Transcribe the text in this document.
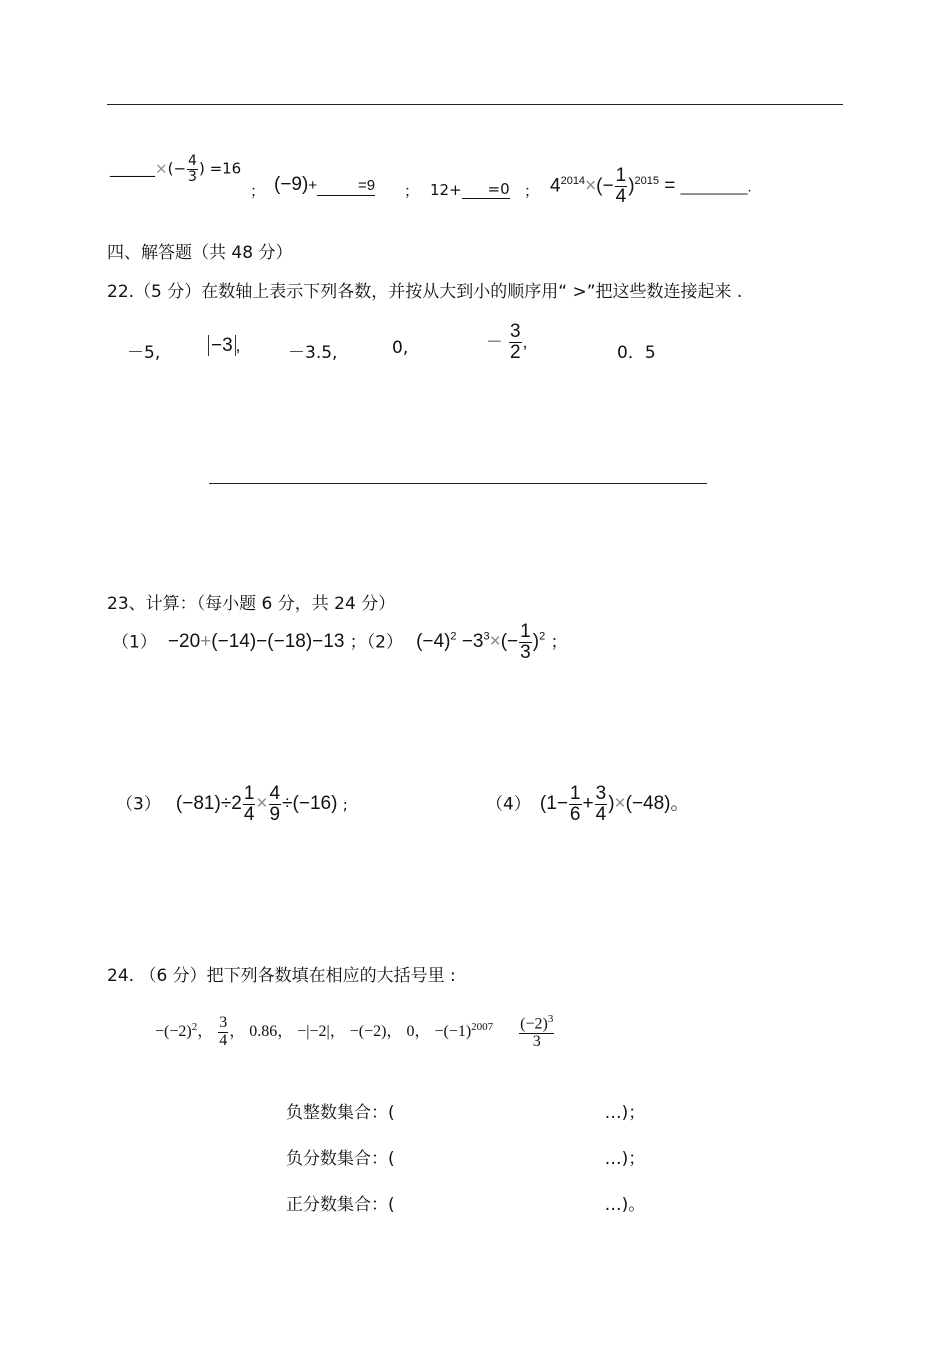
______×(− $\frac{4}{3}$ ) =16
； (−9)+	=9 ； 12+ =0 ； $4^{2014}\times(- \frac{1}{4} )^{2015}$ = ________.
四、解答题（共 48 分）
22.（5 分）在数轴上表示下列各数，并按从大到小的顺序用“ >”把这些数连接起来 .
－5,	−3 ,	－3.5,	0,	－ $\frac{3}{2}$ ,
0．5
23、计算：（每小题 6 分，共 24 分）
（1） −20+(−14)−(−18)−13 ；（2） $(-4)^2 -3^3\times(- \frac{1}{3} )^2$ ；
（3） $(-81)\div 2 \frac{1}{4} \times \frac{4}{9} \div(-16)$ ;	（4） $(1- \frac{1}{6} + \frac{3}{4} )\times(-48)$。
24. （6 分）把下列各数填在相应的大括号里 :
$-(-2)^2$， $\frac{3}{4}$ ， 0.86， −|−2|， −(−2)， 0， $-(-1)^{2007} \frac{(-2)^3}{3}$
负整数集合：(	…)；
负分数集合：(	…)；
正分数集合：(	…)。
